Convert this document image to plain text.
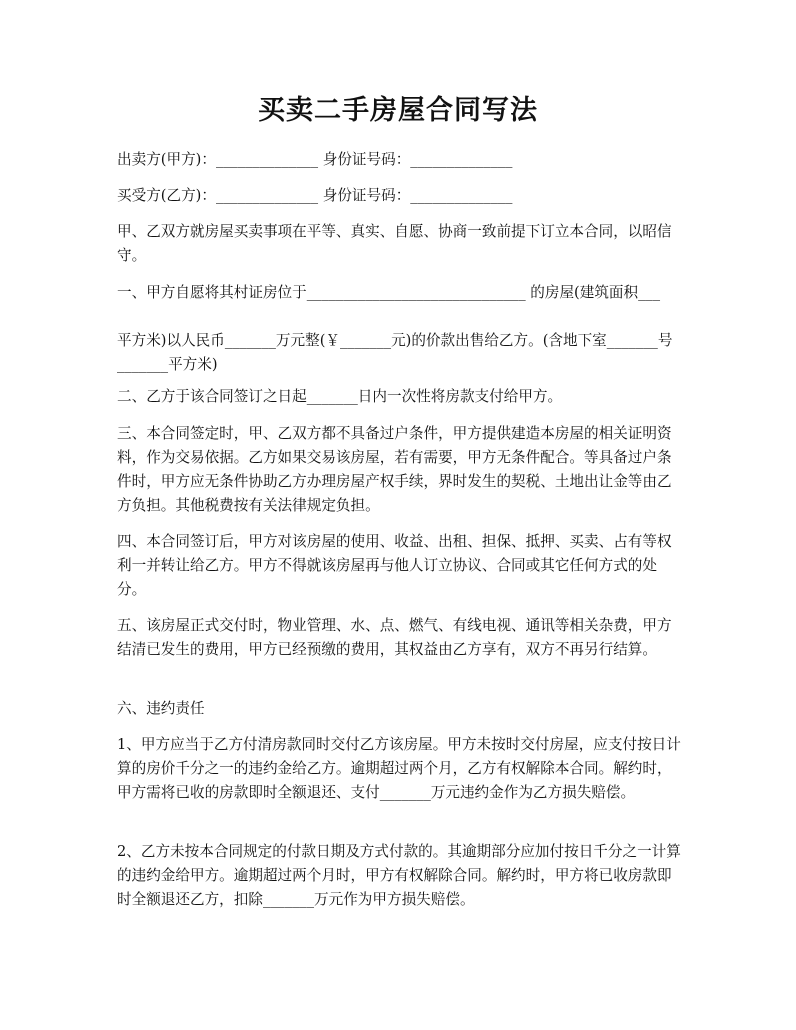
买卖二手房屋合同写法
出卖方(甲方)：______________ 身份证号码：______________
买受方(乙方)：______________ 身份证号码：______________

甲、乙双方就房屋买卖事项在平等、真实、自愿、协商一致前提下订立本合同，以昭信守。

一、甲方自愿将其村证房位于______________________________ 的房屋(建筑面积___

平方米)以人民币_______万元整(￥_______元)的价款出售给乙方。(含地下室_______号_______平方米)

二、乙方于该合同签订之日起_______日内一次性将房款支付给甲方。

三、本合同签定时，甲、乙双方都不具备过户条件，甲方提供建造本房屋的相关证明资料，作为交易依据。乙方如果交易该房屋，若有需要，甲方无条件配合。等具备过户条件时，甲方应无条件协助乙方办理房屋产权手续，界时发生的契税、土地出让金等由乙方负担。其他税费按有关法律规定负担。

四、本合同签订后，甲方对该房屋的使用、收益、出租、担保、抵押、买卖、占有等权利一并转让给乙方。甲方不得就该房屋再与他人订立协议、合同或其它任何方式的处分。

五、该房屋正式交付时，物业管理、水、点、燃气、有线电视、通讯等相关杂费，甲方结清已发生的费用，甲方已经预缴的费用，其权益由乙方享有，双方不再另行结算。

六、违约责任

1、甲方应当于乙方付清房款同时交付乙方该房屋。甲方未按时交付房屋，应支付按日计算的房价千分之一的违约金给乙方。逾期超过两个月，乙方有权解除本合同。解约时，甲方需将已收的房款即时全额退还、支付_______万元违约金作为乙方损失赔偿。

2、乙方未按本合同规定的付款日期及方式付款的。其逾期部分应加付按日千分之一计算的违约金给甲方。逾期超过两个月时，甲方有权解除合同。解约时，甲方将已收房款即时全额退还乙方，扣除_______万元作为甲方损失赔偿。
